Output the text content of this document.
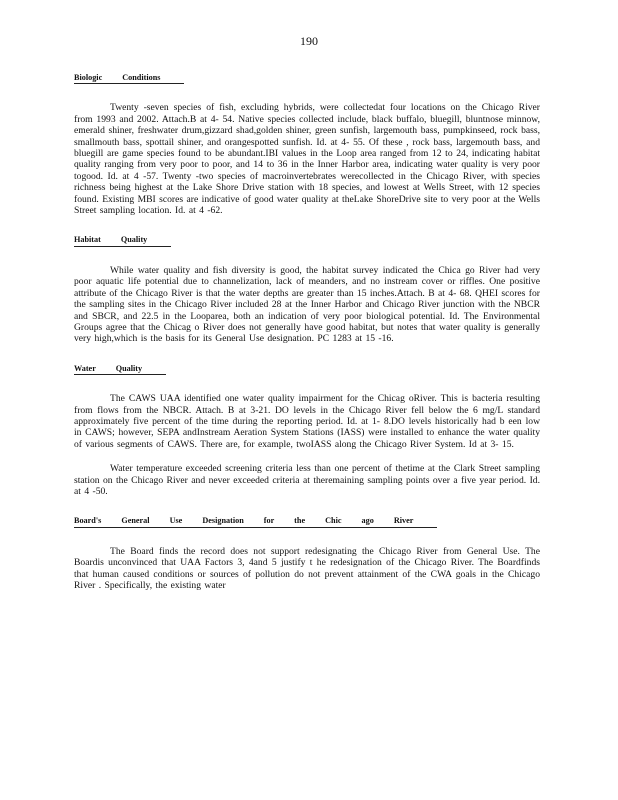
190
Biologic Conditions

Twenty -seven species of fish, excluding hybrids, were collectedat four locations on the Chicago River from 1993 and 2002. Attach.B at 4- 54. Native species collected include, black buffalo, bluegill, bluntnose minnow, emerald shiner, freshwater drum,gizzard shad,golden shiner, green sunfish, largemouth bass, pumpkinseed, rock bass, smallmouth bass, spottail shiner, and orangespotted sunfish. Id. at 4- 55. Of these , rock bass, largemouth bass, and bluegill are game species found to be abundant.IBI values in the Loop area ranged from 12 to 24, indicating habitat quality ranging from very poor to poor, and 14 to 36 in the Inner Harbor area, indicating water quality is very poor togood. Id. at 4 -57. Twenty -two species of macroinvertebrates werecollected in the Chicago River, with species richness being highest at the Lake Shore Drive station with 18 species, and lowest at Wells Street, with 12 species found. Existing MBI scores are indicative of good water quality at theLake ShoreDrive site to very poor at the Wells Street sampling location. Id. at 4 -62.

Habitat Quality

While water quality and fish diversity is good, the habitat survey indicated the Chica go River had very poor aquatic life potential due to channelization, lack of meanders, and no instream cover or riffles. One positive attribute of the Chicago River is that the water depths are greater than 15 inches.Attach. B at 4- 68. QHEI scores for the sampling sites in the Chicago River included 28 at the Inner Harbor and Chicago River junction with the NBCR and SBCR, and 22.5 in the Looparea, both an indication of very poor biological potential. Id. The Environmental Groups agree that the Chicag o River does not generally have good habitat, but notes that water quality is generally very high,which is the basis for its General Use designation. PC 1283 at 15 -16.

Water Quality

The CAWS UAA identified one water quality impairment for the Chicag oRiver. This is bacteria resulting from flows from the NBCR. Attach. B at 3-21. DO levels in the Chicago River fell below the 6 mg/L standard approximately five percent of the time during the reporting period. Id. at 1- 8.DO levels historically had b een low in CAWS; however, SEPA andInstream Aeration System Stations (IASS) were installed to enhance the water quality of various segments of CAWS. There are, for example, twoIASS along the Chicago River System. Id at 3- 15.

Water temperature exceeded screening criteria less than one percent of thetime at the Clark Street sampling station on the Chicago River and never exceeded criteria at theremaining sampling points over a five year period. Id. at 4 -50.

Board's General Use Designation for the Chic ago River

The Board finds the record does not support redesignating the Chicago River from General Use. The Boardis unconvinced that UAA Factors 3, 4and 5 justify t he redesignation of the Chicago River. The Boardfinds that human caused conditions or sources of pollution do not prevent attainment of the CWA goals in the Chicago River . Specifically, the existing water
